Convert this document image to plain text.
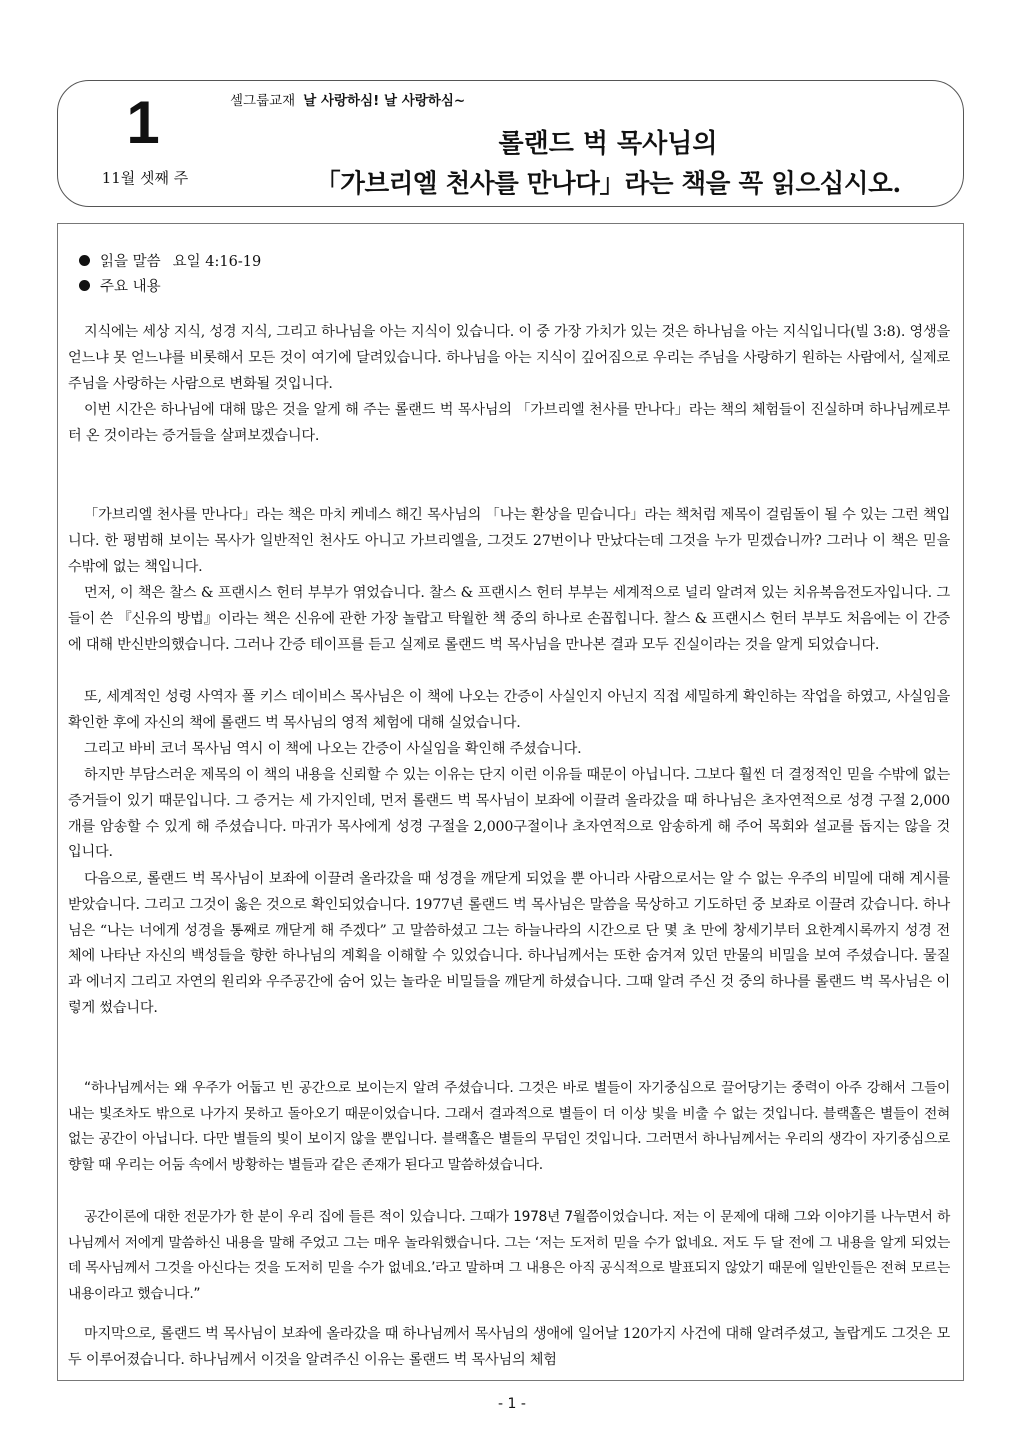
1
11월 셋째 주
셀그룹교재 날 사랑하심! 날 사랑하심~
롤랜드 벅 목사님의
「가브리엘 천사를 만나다」라는 책을 꼭 읽으십시오.
읽을 말씀 요일 4:16-19
주요 내용

지식에는 세상 지식, 성경 지식, 그리고 하나님을 아는 지식이 있습니다. 이 중 가장 가치가 있는 것은 하나님을 아는 지식입니다(빌 3:8). 영생을 얻느냐 못 얻느냐를 비롯해서 모든 것이 여기에 달려있습니다. 하나님을 아는 지식이 깊어짐으로 우리는 주님을 사랑하기 원하는 사람에서, 실제로 주님을 사랑하는 사람으로 변화될 것입니다.

이번 시간은 하나님에 대해 많은 것을 알게 해 주는 롤랜드 벅 목사님의 「가브리엘 천사를 만나다」라는 책의 체험들이 진실하며 하나님께로부터 온 것이라는 증거들을 살펴보겠습니다.

「가브리엘 천사를 만나다」라는 책은 마치 케네스 해긴 목사님의 「나는 환상을 믿습니다」라는 책처럼 제목이 걸림돌이 될 수 있는 그런 책입니다. 한 평범해 보이는 목사가 일반적인 천사도 아니고 가브리엘을, 그것도 27번이나 만났다는데 그것을 누가 믿겠습니까? 그러나 이 책은 믿을 수밖에 없는 책입니다.

먼저, 이 책은 찰스 & 프랜시스 헌터 부부가 엮었습니다. 찰스 & 프랜시스 헌터 부부는 세계적으로 널리 알려져 있는 치유복음전도자입니다. 그들이 쓴 『신유의 방법』이라는 책은 신유에 관한 가장 놀랍고 탁월한 책 중의 하나로 손꼽힙니다. 찰스 & 프랜시스 헌터 부부도 처음에는 이 간증에 대해 반신반의했습니다. 그러나 간증 테이프를 듣고 실제로 롤랜드 벅 목사님을 만나본 결과 모두 진실이라는 것을 알게 되었습니다.

또, 세계적인 성령 사역자 폴 키스 데이비스 목사님은 이 책에 나오는 간증이 사실인지 아닌지 직접 세밀하게 확인하는 작업을 하였고, 사실임을 확인한 후에 자신의 책에 롤랜드 벅 목사님의 영적 체험에 대해 실었습니다.

그리고 바비 코너 목사님 역시 이 책에 나오는 간증이 사실임을 확인해 주셨습니다.

하지만 부담스러운 제목의 이 책의 내용을 신뢰할 수 있는 이유는 단지 이런 이유들 때문이 아닙니다. 그보다 훨씬 더 결정적인 믿을 수밖에 없는 증거들이 있기 때문입니다. 그 증거는 세 가지인데, 먼저 롤랜드 벅 목사님이 보좌에 이끌려 올라갔을 때 하나님은 초자연적으로 성경 구절 2,000개를 암송할 수 있게 해 주셨습니다. 마귀가 목사에게 성경 구절을 2,000구절이나 초자연적으로 암송하게 해 주어 목회와 설교를 돕지는 않을 것입니다.

다음으로, 롤랜드 벅 목사님이 보좌에 이끌려 올라갔을 때 성경을 깨닫게 되었을 뿐 아니라 사람으로서는 알 수 없는 우주의 비밀에 대해 계시를 받았습니다. 그리고 그것이 옳은 것으로 확인되었습니다. 1977년 롤랜드 벅 목사님은 말씀을 묵상하고 기도하던 중 보좌로 이끌려 갔습니다. 하나님은 “나는 너에게 성경을 통째로 깨닫게 해 주겠다” 고 말씀하셨고 그는 하늘나라의 시간으로 단 몇 초 만에 창세기부터 요한계시록까지 성경 전체에 나타난 자신의 백성들을 향한 하나님의 계획을 이해할 수 있었습니다. 하나님께서는 또한 숨겨져 있던 만물의 비밀을 보여 주셨습니다. 물질과 에너지 그리고 자연의 원리와 우주공간에 숨어 있는 놀라운 비밀들을 깨닫게 하셨습니다. 그때 알려 주신 것 중의 하나를 롤랜드 벅 목사님은 이렇게 썼습니다.

“하나님께서는 왜 우주가 어둡고 빈 공간으로 보이는지 알려 주셨습니다. 그것은 바로 별들이 자기중심으로 끌어당기는 중력이 아주 강해서 그들이 내는 빛조차도 밖으로 나가지 못하고 돌아오기 때문이었습니다. 그래서 결과적으로 별들이 더 이상 빛을 비출 수 없는 것입니다. 블랙홀은 별들이 전혀 없는 공간이 아닙니다. 다만 별들의 빛이 보이지 않을 뿐입니다. 블랙홀은 별들의 무덤인 것입니다. 그러면서 하나님께서는 우리의 생각이 자기중심으로 향할 때 우리는 어둠 속에서 방황하는 별들과 같은 존재가 된다고 말씀하셨습니다.

공간이론에 대한 전문가가 한 분이 우리 집에 들른 적이 있습니다. 그때가 1978년 7월쯤이었습니다. 저는 이 문제에 대해 그와 이야기를 나누면서 하나님께서 저에게 말씀하신 내용을 말해 주었고 그는 매우 놀라워했습니다. 그는 ‘저는 도저히 믿을 수가 없네요. 저도 두 달 전에 그 내용을 알게 되었는데 목사님께서 그것을 아신다는 것을 도저히 믿을 수가 없네요.’라고 말하며 그 내용은 아직 공식적으로 발표되지 않았기 때문에 일반인들은 전혀 모르는 내용이라고 했습니다.”

마지막으로, 롤랜드 벅 목사님이 보좌에 올라갔을 때 하나님께서 목사님의 생애에 일어날 120가지 사건에 대해 알려주셨고, 놀랍게도 그것은 모두 이루어졌습니다. 하나님께서 이것을 알려주신 이유는 롤랜드 벅 목사님의 체험

- 1 -
